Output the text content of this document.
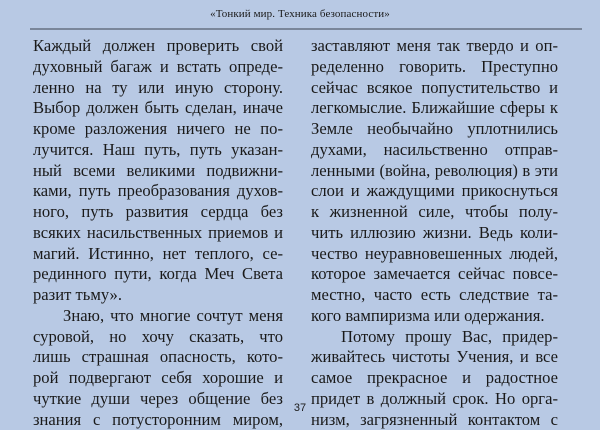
«Тонкий мир. Техника безопасности»
Каждый должен проверить свой
духовный багаж и встать опреде-
ленно на ту или иную сторону.
Выбор должен быть сделан, иначе
кроме разложения ничего не по-
лучится. Наш путь, путь указан-
ный всеми великими подвижни-
ками, путь преобразования духов-
ного, путь развития сердца без
всяких насильственных приемов и
магий. Истинно, нет теплого, се-
рединного пути, когда Меч Света
разит тьму».
Знаю, что многие сочтут меня
суровой, но хочу сказать, что
лишь страшная опасность, кото-
рой подвергают себя хорошие и
чуткие души через общение без
знания с потусторонним миром,
заставляют меня так твердо и оп-
ределенно говорить. Преступно
сейчас всякое попустительство и
легкомыслие. Ближайшие сферы к
Земле необычайно уплотнились
духами, насильственно отправ-
ленными (война, революция) в эти
слои и жаждущими прикоснуться
к жизненной силе, чтобы полу-
чить иллюзию жизни. Ведь коли-
чество неуравновешенных людей,
которое замечается сейчас повсе-
местно, часто есть следствие та-
кого вампиризма или одержания.
Потому прошу Вас, придер-
живайтесь чистоты Учения, и все
самое прекрасное и радостное
придет в должный срок. Но орга-
низм, загрязненный контактом с
37
